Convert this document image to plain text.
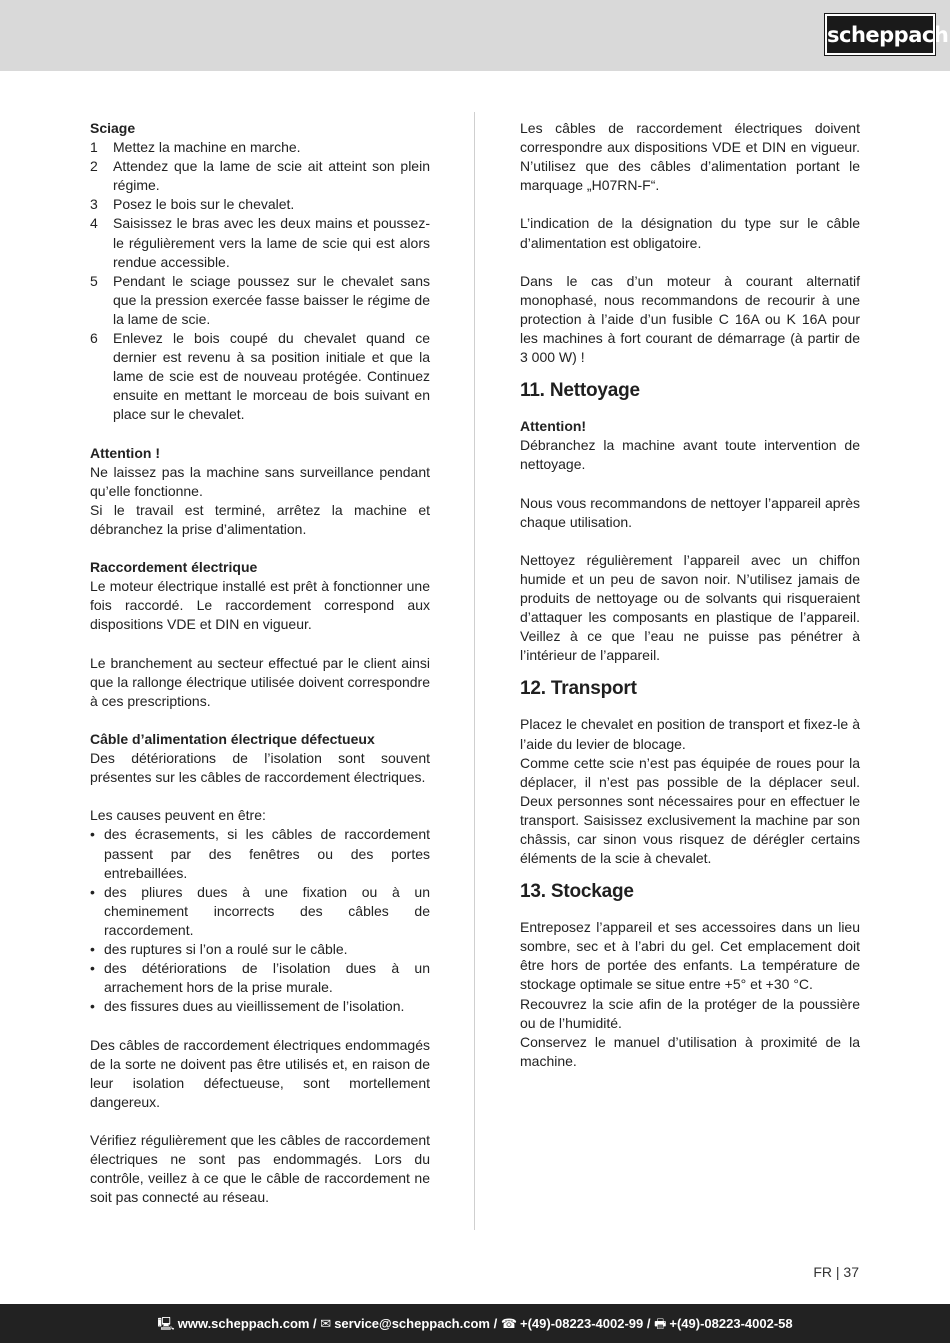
scheppach

Sciage

1 Mettez la machine en marche.
2 Attendez que la lame de scie ait atteint son plein régime.
3 Posez le bois sur le chevalet.
4 Saisissez le bras avec les deux mains et poussez-le régulièrement vers la lame de scie qui est alors rendue accessible.
5 Pendant le sciage poussez sur le chevalet sans que la pression exercée fasse baisser le régime de la lame de scie.
6 Enlevez le bois coupé du chevalet quand ce dernier est revenu à sa position initiale et que la lame de scie est de nouveau protégée. Continuez ensuite en mettant le morceau de bois suivant en place sur le chevalet.

Attention !

Ne laissez pas la machine sans surveillance pendant qu’elle fonctionne.

Si le travail est terminé, arrêtez la machine et débranchez la prise d’alimentation.

Raccordement électrique

Le moteur électrique installé est prêt à fonctionner une fois raccordé. Le raccordement correspond aux dispositions VDE et DIN en vigueur.

Le branchement au secteur effectué par le client ainsi que la rallonge électrique utilisée doivent correspondre à ces prescriptions.

Câble d’alimentation électrique défectueux

Des détériorations de l’isolation sont souvent présentes sur les câbles de raccordement électriques.

Les causes peuvent en être:

• des écrasements, si les câbles de raccordement passent par des fenêtres ou des portes entrebaillées.
• des pliures dues à une fixation ou à un cheminement incorrects des câbles de raccordement.
• des ruptures si l’on a roulé sur le câble.
• des détériorations de l’isolation dues à un arrachement hors de la prise murale.
• des fissures dues au vieillissement de l’isolation.

Des câbles de raccordement électriques endommagés de la sorte ne doivent pas être utilisés et, en raison de leur isolation défectueuse, sont mortellement dangereux.

Vérifiez régulièrement que les câbles de raccordement électriques ne sont pas endommagés. Lors du contrôle, veillez à ce que le câble de raccordement ne soit pas connecté au réseau.

Les câbles de raccordement électriques doivent correspondre aux dispositions VDE et DIN en vigueur. N’utilisez que des câbles d’alimentation portant le marquage „H07RN-F“.

L’indication de la désignation du type sur le câble d’alimentation est obligatoire.

Dans le cas d’un moteur à courant alternatif monophasé, nous recommandons de recourir à une protection à l’aide d’un fusible C 16A ou K 16A pour les machines à fort courant de démarrage (à partir de 3 000 W) !

11. Nettoyage

Attention!

Débranchez la machine avant toute intervention de nettoyage.

Nous vous recommandons de nettoyer l’appareil après chaque utilisation.

Nettoyez régulièrement l’appareil avec un chiffon humide et un peu de savon noir. N’utilisez jamais de produits de nettoyage ou de solvants qui risqueraient d’attaquer les composants en plastique de l’appareil. Veillez à ce que l’eau ne puisse pas pénétrer à l’intérieur de l’appareil.

12. Transport

Placez le chevalet en position de transport et fixez-le à l’aide du levier de blocage.

Comme cette scie n’est pas équipée de roues pour la déplacer, il n’est pas possible de la déplacer seul. Deux personnes sont nécessaires pour en effectuer le transport. Saisissez exclusivement la machine par son châssis, car sinon vous risquez de dérégler certains éléments de la scie à chevalet.

13. Stockage

Entreposez l’appareil et ses accessoires dans un lieu sombre, sec et à l’abri du gel. Cet emplacement doit être hors de portée des enfants. La température de stockage optimale se situe entre +5° et +30 °C.

Recouvrez la scie afin de la protéger de la poussière ou de l’humidité.

Conservez le manuel d’utilisation à proximité de la machine.

FR | 37
🖳 www.scheppach.com / ✉ service@scheppach.com / ☎ +(49)-08223-4002-99 / 🖶 +(49)-08223-4002-58
